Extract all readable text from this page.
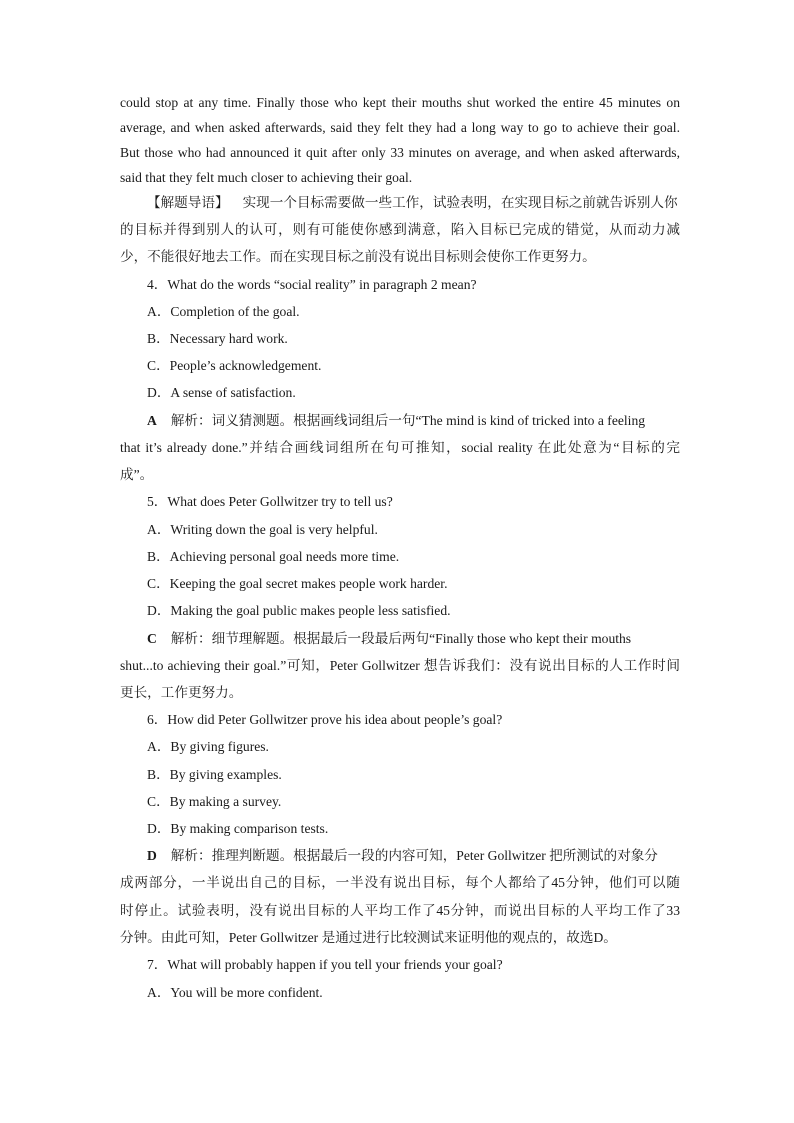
could stop at any time. Finally those who kept their mouths shut worked the entire 45 minutes on
average, and when asked afterwards, said they felt they had a long way to go to achieve their goal.
But those who had announced it quit after only 33 minutes on average, and when asked afterwards,
said that they felt much closer to achieving their goal.
【解题导语】 实现一个目标需要做一些工作，试验表明，在实现目标之前就告诉别人你
的目标并得到别人的认可，则有可能使你感到满意，陷入目标已完成的错觉，从而动力减
少，不能很好地去工作。而在实现目标之前没有说出目标则会使你工作更努力。
4．What do the words “social reality” in paragraph 2 mean?
A．Completion of the goal.
B．Necessary hard work.
C．People’s acknowledgement.
D．A sense of satisfaction.
A 解析：词义猜测题。根据画线词组后一句“The mind is kind of tricked into a feeling
that it’s already done.”并结合画线词组所在句可推知，social reality 在此处意为“目标的完
成”。
5．What does Peter Gollwitzer try to tell us?
A．Writing down the goal is very helpful.
B．Achieving personal goal needs more time.
C．Keeping the goal secret makes people work harder.
D．Making the goal public makes people less satisfied.
C 解析：细节理解题。根据最后一段最后两句“Finally those who kept their mouths
shut...to achieving their goal.”可知，Peter Gollwitzer 想告诉我们：没有说出目标的人工作时间
更长，工作更努力。
6．How did Peter Gollwitzer prove his idea about people’s goal?
A．By giving figures.
B．By giving examples.
C．By making a survey.
D．By making comparison tests.
D 解析：推理判断题。根据最后一段的内容可知，Peter Gollwitzer 把所测试的对象分
成两部分，一半说出自己的目标，一半没有说出目标，每个人都给了45分钟，他们可以随
时停止。试验表明，没有说出目标的人平均工作了45分钟，而说出目标的人平均工作了33
分钟。由此可知，Peter Gollwitzer 是通过进行比较测试来证明他的观点的，故选D。
7．What will probably happen if you tell your friends your goal?
A．You will be more confident.
